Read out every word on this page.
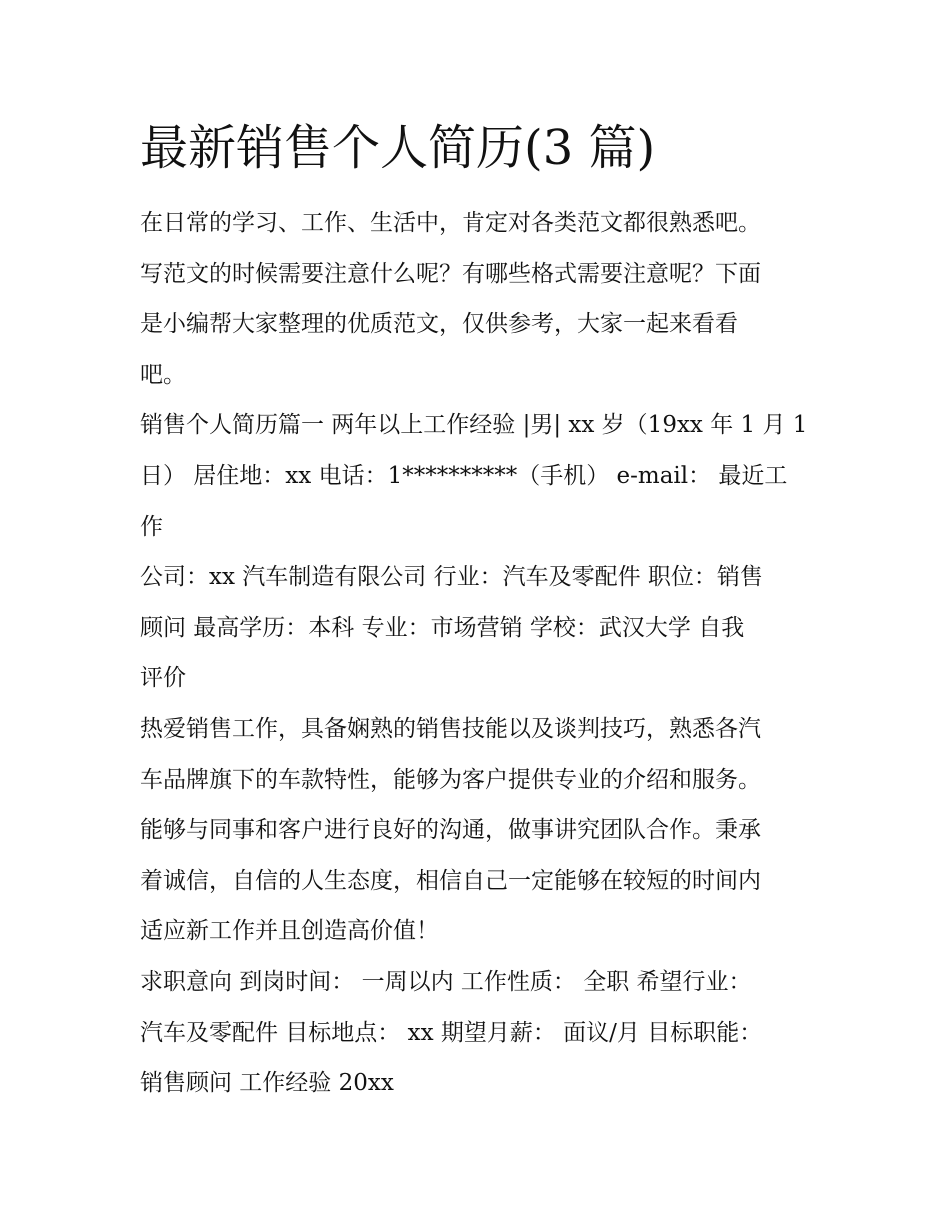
最新销售个人简历(3 篇)
在日常的学习、工作、生活中，肯定对各类范文都很熟悉吧。
写范文的时候需要注意什么呢？有哪些格式需要注意呢？下面
是小编帮大家整理的优质范文，仅供参考，大家一起来看看
吧。
销售个人简历篇一 两年以上工作经验 |男| xx 岁（19xx 年 1 月 1
日） 居住地：xx 电话：1**********（手机） e-mail： 最近工
作
公司：xx 汽车制造有限公司 行业：汽车及零配件 职位：销售
顾问 最高学历：本科 专业：市场营销 学校：武汉大学 自我
评价
热爱销售工作，具备娴熟的销售技能以及谈判技巧，熟悉各汽
车品牌旗下的车款特性，能够为客户提供专业的介绍和服务。
能够与同事和客户进行良好的沟通，做事讲究团队合作。秉承
着诚信，自信的人生态度，相信自己一定能够在较短的时间内
适应新工作并且创造高价值！
求职意向 到岗时间： 一周以内 工作性质： 全职 希望行业：
汽车及零配件 目标地点： xx 期望月薪： 面议/月 目标职能：
销售顾问 工作经验 20xx
